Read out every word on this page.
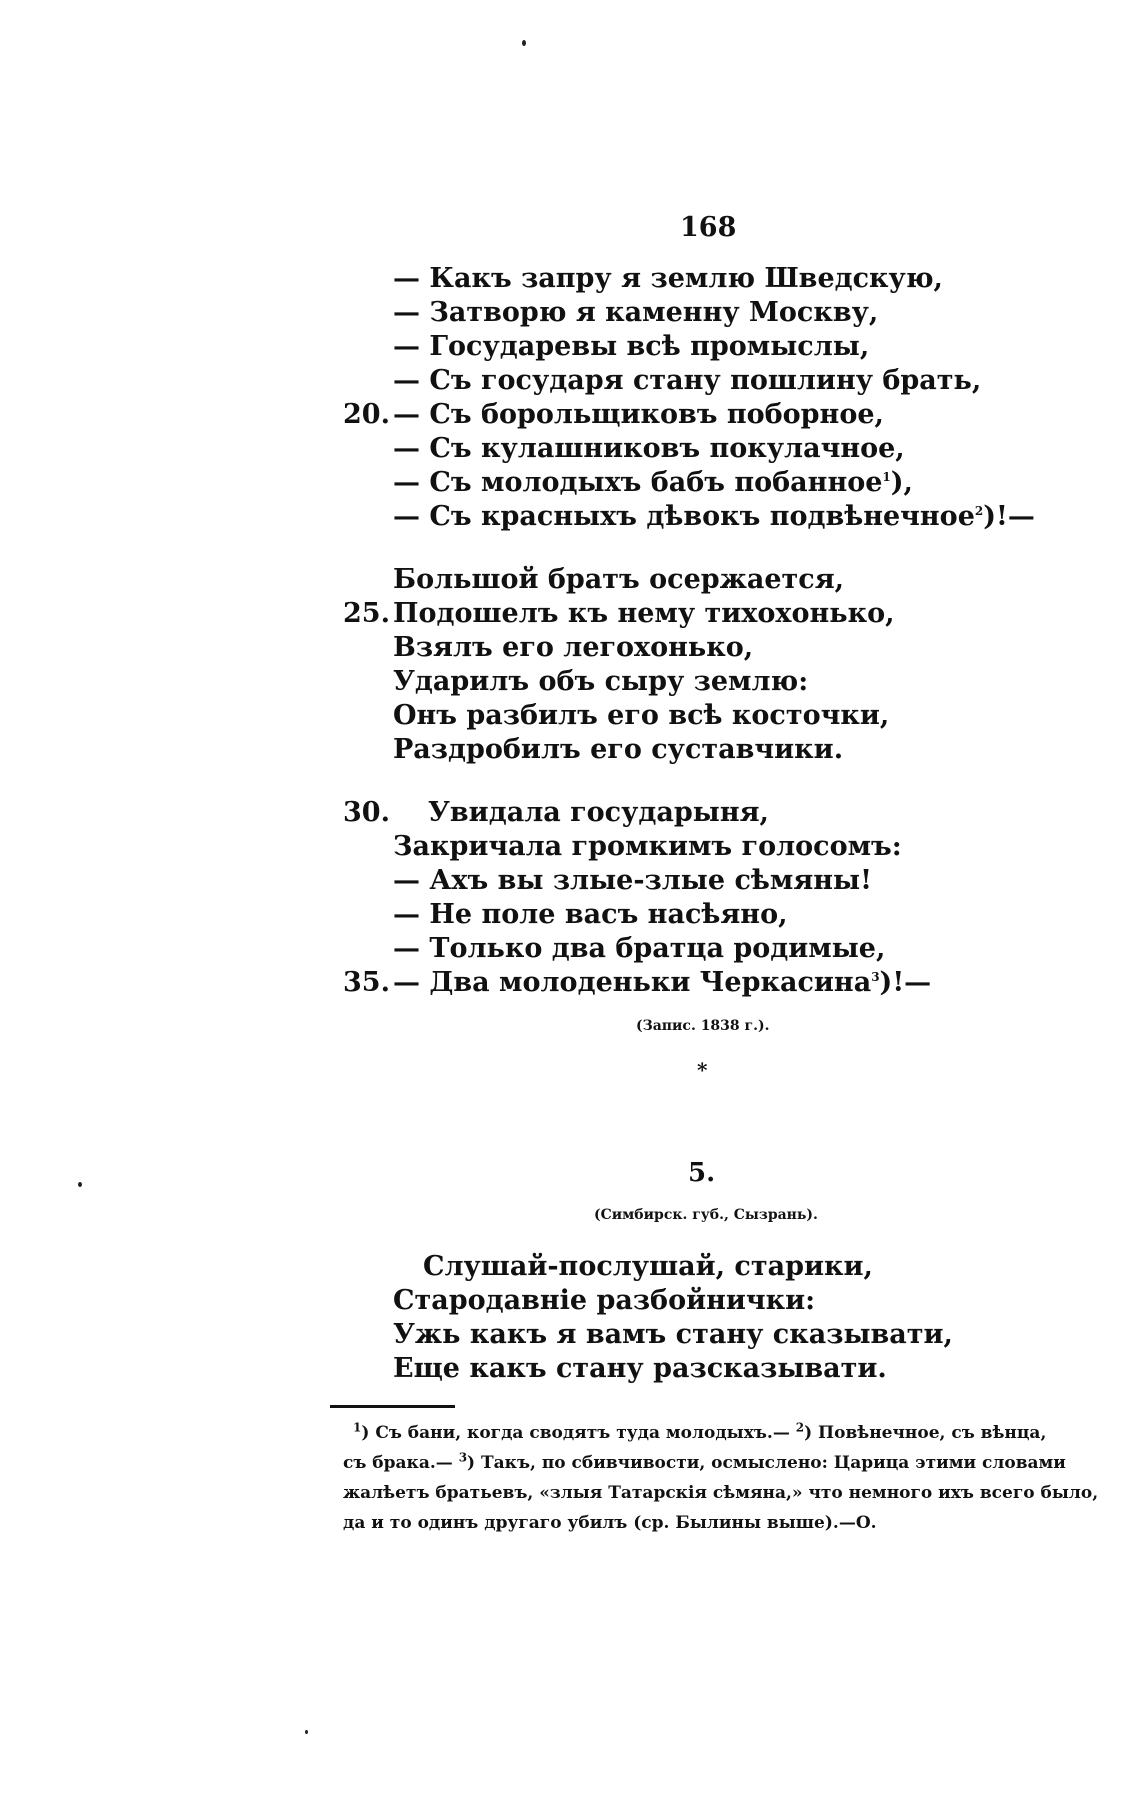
168
— Какъ запру я землю Шведскую,
— Затворю я каменну Москву,
— Государевы всѣ промыслы,
— Съ государя стану пошлину брать,
— Съ борольщиковъ поборное,
— Съ кулашниковъ покулачное,
— Съ молодыхъ бабъ побанное$^1$),
— Съ красныхъ дѣвокъ подвѣнечное$^2$)!—
20.
Большой братъ осержается,
25. Подошелъ къ нему тихохонько,
Взялъ его легохонько,
Ударилъ объ сыру землю:
Онъ разбилъ его всѣ косточки,
Раздробилъ его суставчики.
30.	Увидала государыня,
Закричала громкимъ голосомъ:
— Ахъ вы злые-злые сѣмяны!
— Не поле васъ насѣяно,
— Только два братца родимые,
35. — Два молоденьки Черкасина$^3$)!—
(Запис. 1838 г.).
*
5.
(Симбирск. губ., Сызрань).
Слушай-послушай, старики,
Стародавніе разбойнички:
Ужь какъ я вамъ стану сказывати,
Еще какъ стану разсказывати.
$^1$) Съ бани, когда сводятъ туда молодыхъ.— $^2$) Повѣнечное, съ вѣнца,
съ брака.— $^3$) Такъ, по сбивчивости, осмыслено: Царица этими словами
жалѣетъ братьевъ, «злыя Татарскія сѣмяна,» что немного ихъ всего было,
да и то одинъ другаго убилъ (ср. Былины выше).—О.
